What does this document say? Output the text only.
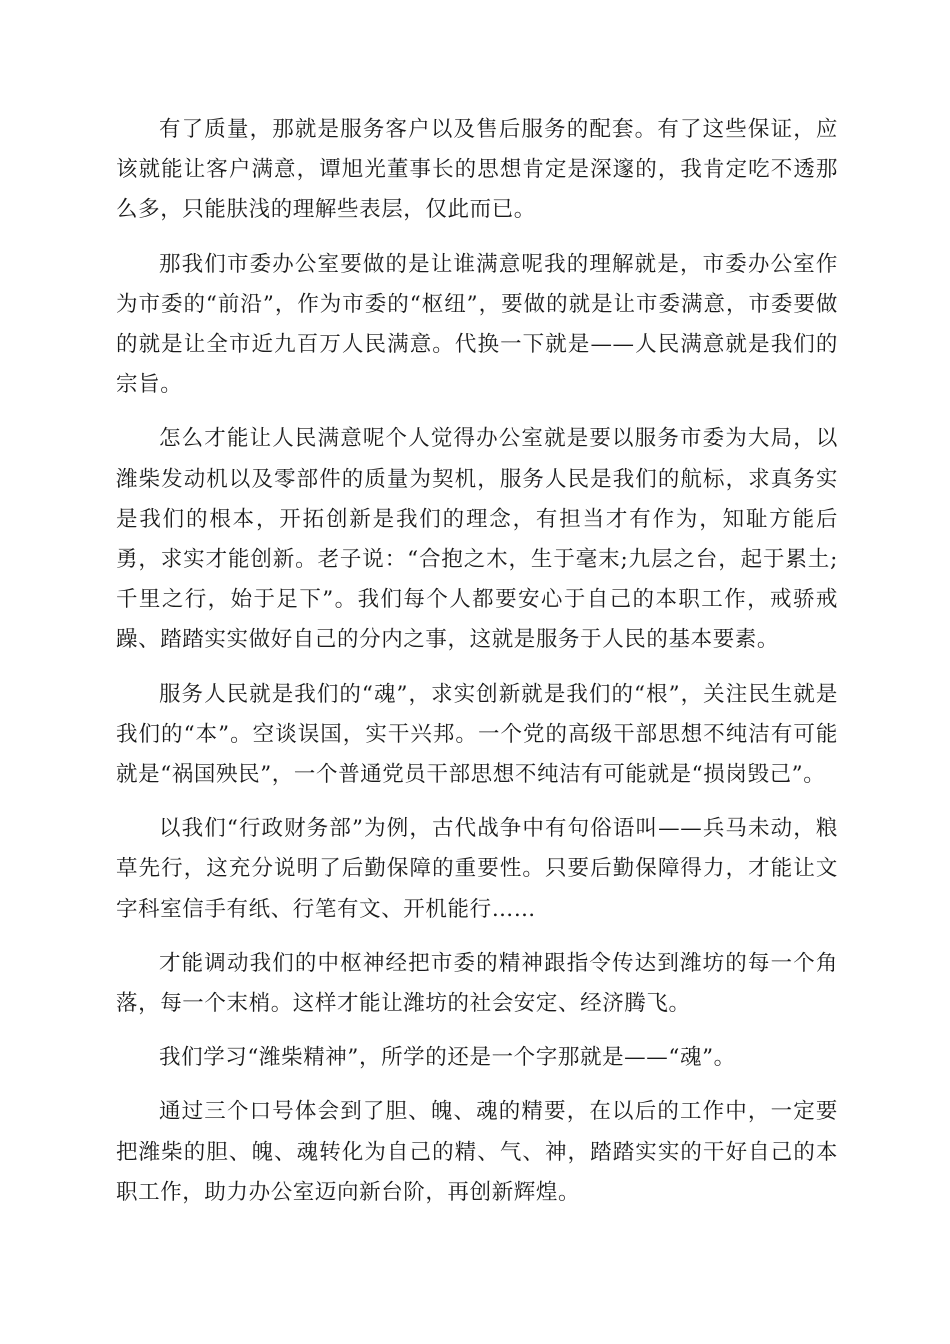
有了质量，那就是服务客户以及售后服务的配套。有了这些保证，应该就能让客户满意，谭旭光董事长的思想肯定是深邃的，我肯定吃不透那么多，只能肤浅的理解些表层，仅此而已。

那我们市委办公室要做的是让谁满意呢我的理解就是，市委办公室作为市委的“前沿”，作为市委的“枢纽”，要做的就是让市委满意，市委要做的就是让全市近九百万人民满意。代换一下就是——人民满意就是我们的宗旨。

怎么才能让人民满意呢个人觉得办公室就是要以服务市委为大局，以潍柴发动机以及零部件的质量为契机，服务人民是我们的航标，求真务实是我们的根本，开拓创新是我们的理念，有担当才有作为，知耻方能后勇，求实才能创新。老子说：“合抱之木，生于毫末;九层之台，起于累土;千里之行，始于足下”。我们每个人都要安心于自己的本职工作，戒骄戒躁、踏踏实实做好自己的分内之事，这就是服务于人民的基本要素。

服务人民就是我们的“魂”，求实创新就是我们的“根”，关注民生就是我们的“本”。空谈误国，实干兴邦。一个党的高级干部思想不纯洁有可能就是“祸国殃民”，一个普通党员干部思想不纯洁有可能就是“损岗毁己”。

以我们“行政财务部”为例，古代战争中有句俗语叫——兵马未动，粮草先行，这充分说明了后勤保障的重要性。只要后勤保障得力，才能让文字科室信手有纸、行笔有文、开机能行……

才能调动我们的中枢神经把市委的精神跟指令传达到潍坊的每一个角落，每一个末梢。这样才能让潍坊的社会安定、经济腾飞。

我们学习“潍柴精神”，所学的还是一个字那就是——“魂”。

通过三个口号体会到了胆、魄、魂的精要，在以后的工作中，一定要把潍柴的胆、魄、魂转化为自己的精、气、神，踏踏实实的干好自己的本职工作，助力办公室迈向新台阶，再创新辉煌。
